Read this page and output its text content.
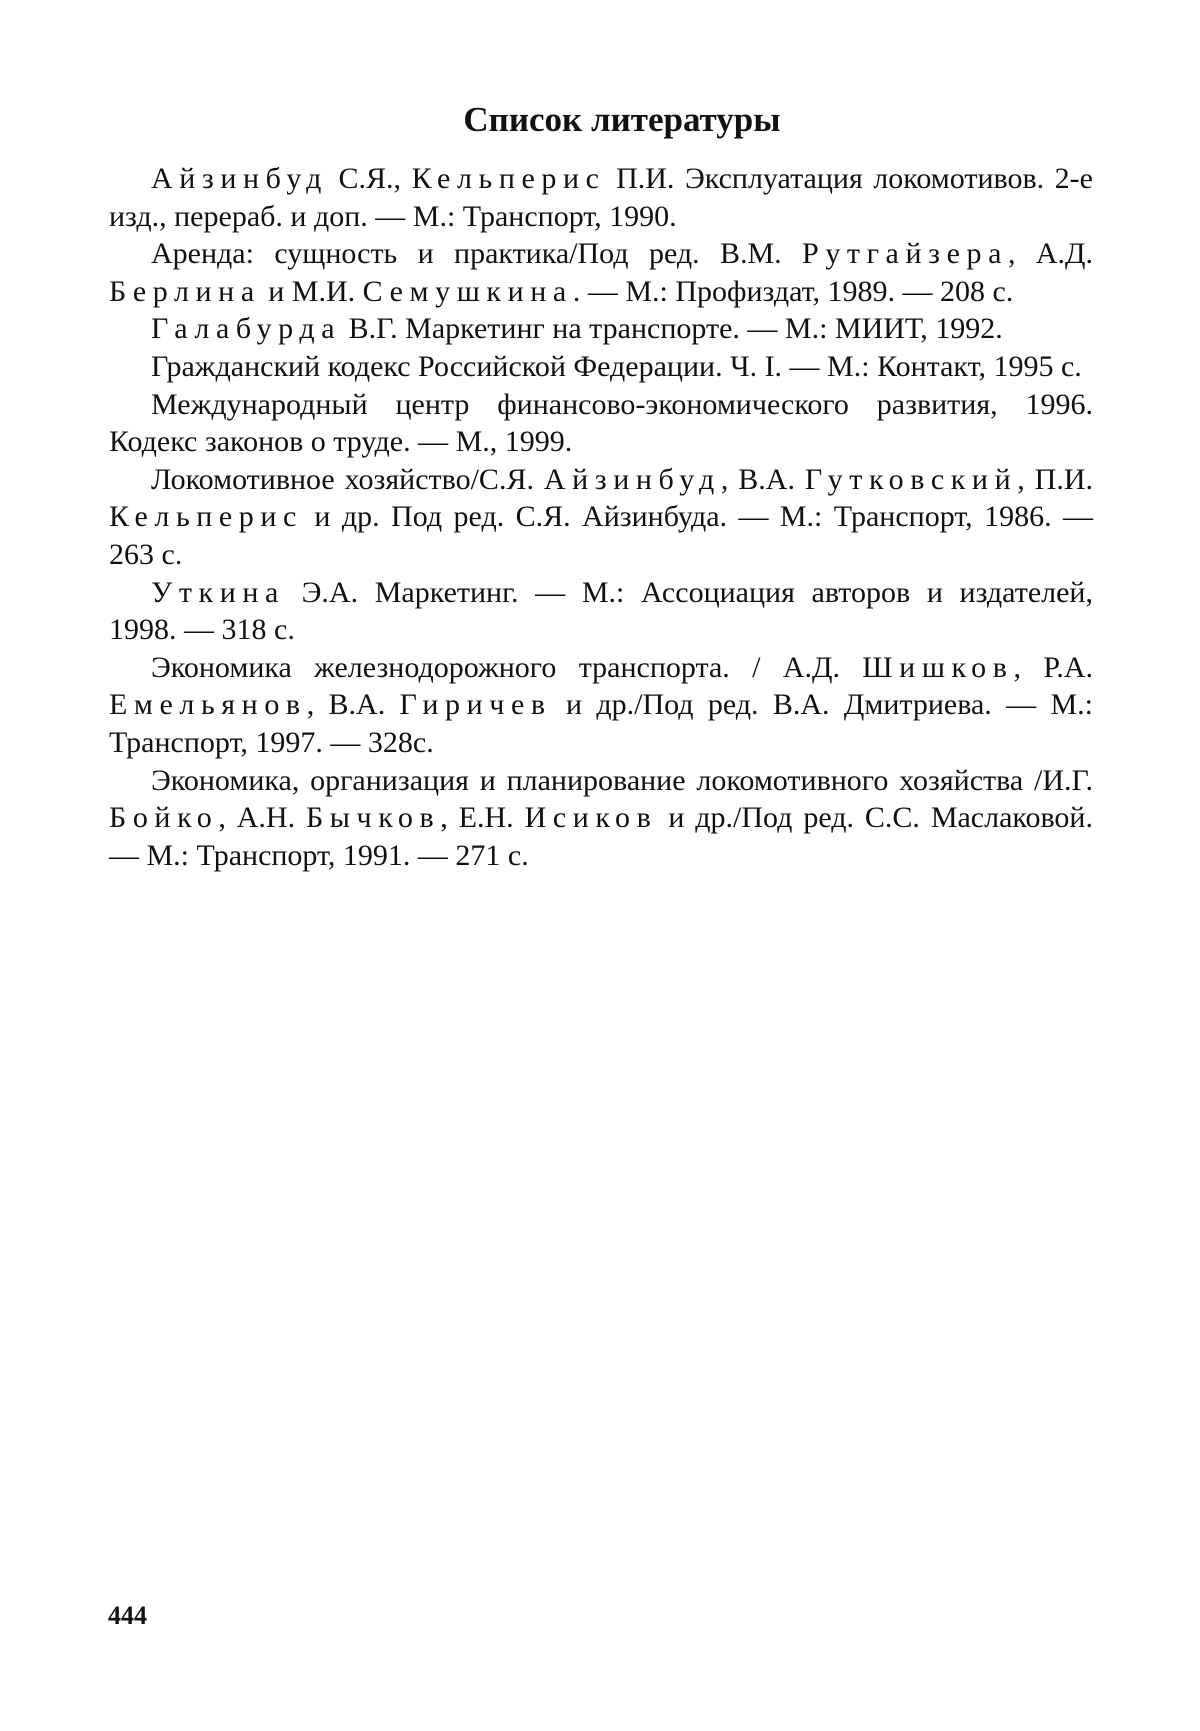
Список литературы
Айзинбуд С.Я., Кельперис П.И. Эксплуатация локомотивов. 2-е изд., перераб. и доп. — М.: Транспорт, 1990.
Аренда: сущность и практика/Под ред. В.М. Рутгайзера, А.Д. Берлина и М.И. Семушкина. — М.: Профиздат, 1989. — 208 с.
Галабурда В.Г. Маркетинг на транспорте. — М.: МИИТ, 1992.
Гражданский кодекс Российской Федерации. Ч. I. — М.: Контакт, 1995 с.
Международный центр финансово-экономического развития, 1996. Кодекс законов о труде. — М., 1999.
Локомотивное хозяйство/С.Я. Айзинбуд, В.А. Гутковский, П.И. Кельперис и др. Под ред. С.Я. Айзинбуда. — М.: Транспорт, 1986. — 263 с.
Уткина Э.А. Маркетинг. — М.: Ассоциация авторов и издателей, 1998. — 318 с.
Экономика железнодорожного транспорта. / А.Д. Шишков, Р.А. Емельянов, В.А. Гиричев и др./Под ред. В.А. Дмитриева. — М.: Транспорт, 1997. — 328с.
Экономика, организация и планирование локомотивного хозяйства /И.Г. Бойко, А.Н. Бычков, Е.Н. Исиков и др./Под ред. С.С. Маслаковой. — М.: Транспорт, 1991. — 271 с.
444
